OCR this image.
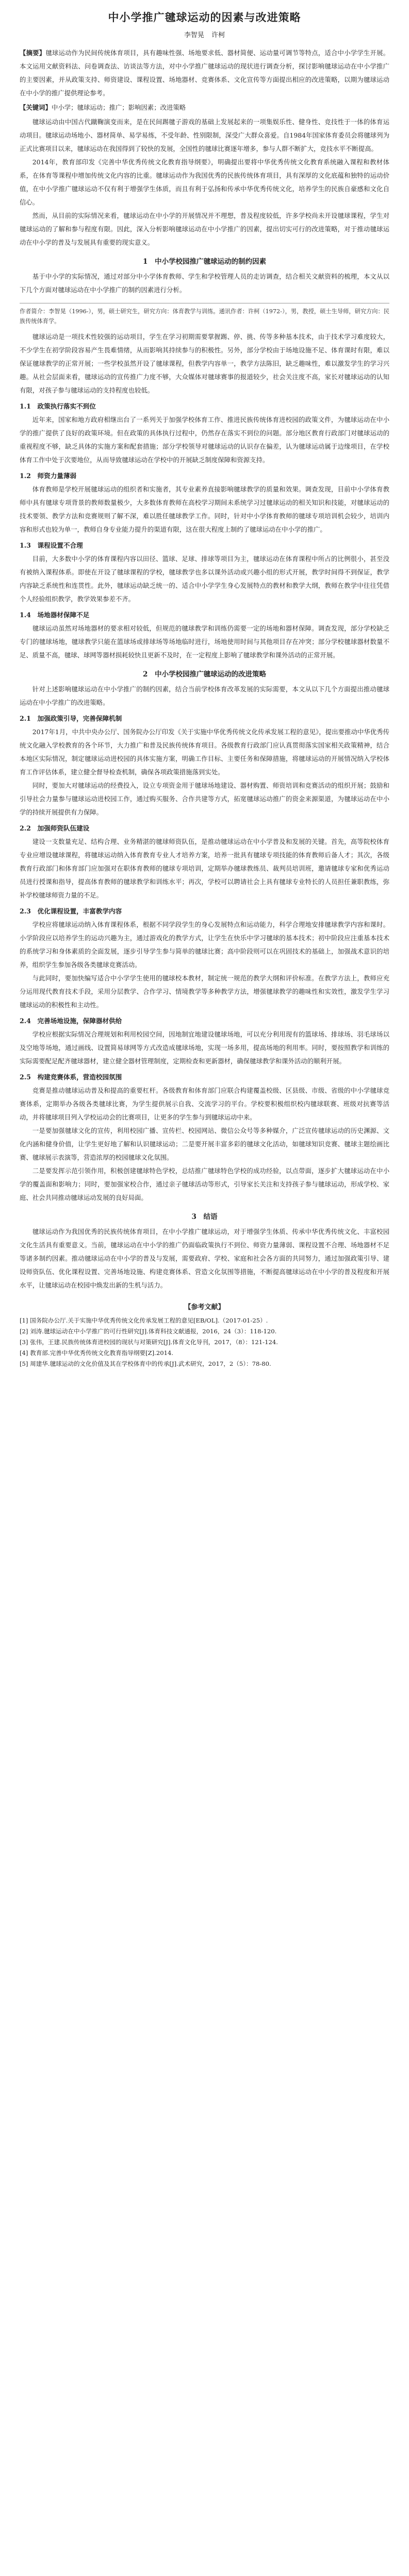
中小学推广毽球运动的因素与改进策略
李智晃 许柯

【摘要】毽球运动作为民间传统体育项目，具有趣味性强、场地要求低、器材简便、运动量可调节等特点，适合中小学学生开展。本文运用文献资料法、问卷调查法、访谈法等方法，对中小学推广毽球运动的现状进行调查分析，探讨影响毽球运动在中小学推广的主要因素，并从政策支持、师资建设、课程设置、场地器材、竞赛体系、文化宣传等方面提出相应的改进策略，以期为毽球运动在中小学的推广提供理论参考。

【关键词】中小学；毽球运动；推广；影响因素；改进策略

毽球运动由中国古代蹴鞠演变而来，是在民间踢毽子游戏的基础上发展起来的一项集娱乐性、健身性、竞技性于一体的体育运动项目。毽球运动场地小、器材简单、易学易练，不受年龄、性别限制，深受广大群众喜爱。自1984年国家体育委员会将毽球列为正式比赛项目以来，毽球运动在我国得到了较快的发展，全国性的毽球比赛逐年增多，参与人群不断扩大，竞技水平不断提高。

2014年，教育部印发《完善中华优秀传统文化教育指导纲要》，明确提出要将中华优秀传统文化教育系统融入课程和教材体系，在体育等课程中增加传统文化内容的比重。毽球运动作为我国优秀的民族传统体育项目，具有深厚的文化底蕴和独特的运动价值，在中小学推广毽球运动不仅有利于增强学生体质，而且有利于弘扬和传承中华优秀传统文化，培养学生的民族自豪感和文化自信心。

然而，从目前的实际情况来看，毽球运动在中小学的开展情况并不理想，普及程度较低，许多学校尚未开设毽球课程，学生对毽球运动的了解和参与程度有限。因此，深入分析影响毽球运动在中小学推广的因素，提出切实可行的改进策略，对于推动毽球运动在中小学的普及与发展具有重要的现实意义。

1　中小学校园推广毽球运动的制约因素

基于中小学的实际情况，通过对部分中小学体育教师、学生和学校管理人员的走访调查，结合相关文献资料的梳理，本文从以下几个方面对毽球运动在中小学推广的制约因素进行分析。

作者简介：李智晃（1996-），男，硕士研究生，研究方向：体育教学与训练。通讯作者：许柯（1972-），男，教授，硕士生导师，研究方向：民族传统体育学。

毽球运动是一项技术性较强的运动项目，学生在学习初期需要掌握踢、停、挑、传等多种基本技术，由于技术学习难度较大，不少学生在初学阶段容易产生畏难情绪，从而影响其持续参与的积极性。另外，部分学校由于场地设施不足、体育课时有限，难以保证毽球教学的正常开展；一些学校虽然开设了毽球课程，但教学内容单一，教学方法陈旧，缺乏趣味性，难以激发学生的学习兴趣。从社会层面来看，毽球运动的宣传推广力度不够，大众媒体对毽球赛事的报道较少，社会关注度不高，家长对毽球运动的认知有限，对孩子参与毽球运动的支持程度也较低。

1.1　政策执行落实不到位

近年来，国家和地方政府相继出台了一系列关于加强学校体育工作、推进民族传统体育进校园的政策文件，为毽球运动在中小学的推广提供了良好的政策环境。但在政策的具体执行过程中，仍然存在落实不到位的问题。部分地区教育行政部门对毽球运动的重视程度不够，缺乏具体的实施方案和配套措施；部分学校领导对毽球运动的认识存在偏差，认为毽球运动属于边缘项目，在学校体育工作中处于次要地位，从而导致毽球运动在学校中的开展缺乏制度保障和资源支持。

1.2　师资力量薄弱

体育教师是学校开展毽球运动的组织者和实施者，其专业素养直接影响毽球教学的质量和效果。调查发现，目前中小学体育教师中具有毽球专项背景的教师数量极少，大多数体育教师在高校学习期间未系统学习过毽球运动的相关知识和技能，对毽球运动的技术要领、教学方法和竞赛规则了解不深，难以胜任毽球教学工作。同时，针对中小学体育教师的毽球专项培训机会较少，培训内容和形式也较为单一，教师自身专业能力提升的渠道有限，这在很大程度上制约了毽球运动在中小学的推广。

1.3　课程设置不合理

目前，大多数中小学的体育课程内容以田径、篮球、足球、排球等项目为主，毽球运动在体育课程中所占的比例很小，甚至没有被纳入课程体系。即使在开设了毽球课程的学校，毽球教学也多以课外活动或兴趣小组的形式开展，教学时间得不到保证，教学内容缺乏系统性和连贯性。此外，毽球运动缺乏统一的、适合中小学学生身心发展特点的教材和教学大纲，教师在教学中往往凭借个人经验组织教学，教学效果参差不齐。

1.4　场地器材保障不足

毽球运动虽然对场地器材的要求相对较低，但规范的毽球教学和训练仍需要一定的场地和器材保障。调查发现，部分学校缺乏专门的毽球场地，毽球教学只能在篮球场或排球场等场地临时进行，场地使用时间与其他项目存在冲突；部分学校毽球器材数量不足、质量不高，毽球、球网等器材损耗较快且更新不及时，在一定程度上影响了毽球教学和课外活动的正常开展。

2　中小学校园推广毽球运动的改进策略

针对上述影响毽球运动在中小学推广的制约因素，结合当前学校体育改革发展的实际需要，本文从以下几个方面提出推动毽球运动在中小学推广的改进策略。

2.1　加强政策引导，完善保障机制

2017年1月，中共中央办公厅、国务院办公厅印发《关于实施中华优秀传统文化传承发展工程的意见》，提出要推动中华优秀传统文化融入学校教育的各个环节，大力推广和普及民族传统体育项目。各级教育行政部门应认真贯彻落实国家相关政策精神，结合本地区实际情况，制定毽球运动进校园的具体实施方案，明确工作目标、主要任务和保障措施，将毽球运动的开展情况纳入学校体育工作评估体系，建立健全督导检查机制，确保各项政策措施落到实处。

同时，要加大对毽球运动的经费投入，设立专项资金用于毽球场地建设、器材购置、师资培训和竞赛活动的组织开展；鼓励和引导社会力量参与毽球运动进校园工作，通过购买服务、合作共建等方式，拓宽毽球运动推广的资金来源渠道，为毽球运动在中小学的持续开展提供有力保障。

2.2　加强师资队伍建设

建设一支数量充足、结构合理、业务精湛的毽球师资队伍，是推动毽球运动在中小学普及和发展的关键。首先，高等院校体育专业应增设毽球课程，将毽球运动纳入体育教育专业人才培养方案，培养一批具有毽球专项技能的体育教师后备人才；其次，各级教育行政部门和体育部门应加强对在职体育教师的毽球专项培训，定期举办毽球教练员、裁判员培训班，邀请毽球专家和优秀运动员进行授课和指导，提高体育教师的毽球教学和训练水平；再次，学校可以聘请社会上具有毽球专业特长的人员担任兼职教练，弥补学校毽球师资力量的不足。

2.3　优化课程设置，丰富教学内容

学校应将毽球运动纳入体育课程体系，根据不同学段学生的身心发展特点和运动能力，科学合理地安排毽球教学内容和课时。小学阶段应以培养学生的运动兴趣为主，通过游戏化的教学方式，让学生在快乐中学习毽球的基本技术；初中阶段应注重基本技术的系统学习和身体素质的全面发展，逐步引导学生参与简单的毽球比赛；高中阶段则可以在巩固技术的基础上，加强战术意识的培养，组织学生参加各级各类毽球竞赛活动。

与此同时，要加快编写适合中小学学生使用的毽球校本教材，制定统一规范的教学大纲和评价标准。在教学方法上，教师应充分运用现代教育技术手段，采用分层教学、合作学习、情境教学等多种教学方法，增强毽球教学的趣味性和实效性，激发学生学习毽球运动的积极性和主动性。

2.4　完善场地设施，保障器材供给

学校应根据实际情况合理规划和利用校园空间，因地制宜地建设毽球场地，可以充分利用现有的篮球场、排球场、羽毛球场以及空地等场地，通过画线、设置简易球网等方式改造成毽球场地，实现一场多用，提高场地的利用率。同时，要按照教学和训练的实际需要配足配齐毽球器材，建立健全器材管理制度，定期检查和更新器材，确保毽球教学和课外活动的顺利开展。

2.5　构建竞赛体系，营造校园氛围

竞赛是推动毽球运动普及和提高的重要杠杆。各级教育和体育部门应联合构建覆盖校级、区县级、市级、省级的中小学毽球竞赛体系，定期举办各级各类毽球比赛，为学生提供展示自我、交流学习的平台。学校要积极组织校内毽球联赛、班级对抗赛等活动，并将毽球项目列入学校运动会的比赛项目，让更多的学生参与到毽球运动中来。

一是要加强毽球文化的宣传，利用校园广播、宣传栏、校园网站、微信公众号等多种媒介，广泛宣传毽球运动的历史渊源、文化内涵和健身价值，让学生更好地了解和认识毽球运动；二是要开展丰富多彩的毽球文化活动，如毽球知识竞赛、毽球主题绘画比赛、毽球展示表演等，营造浓厚的校园毽球文化氛围。

二是要发挥示范引领作用，积极创建毽球特色学校，总结推广毽球特色学校的成功经验，以点带面，逐步扩大毽球运动在中小学的覆盖面和影响力；同时，要加强家校合作，通过亲子毽球活动等形式，引导家长关注和支持孩子参与毽球运动，形成学校、家庭、社会共同推动毽球运动发展的良好局面。

3　结语

毽球运动作为我国优秀的民族传统体育项目，在中小学推广毽球运动，对于增强学生体质、传承中华优秀传统文化、丰富校园文化生活具有重要意义。当前，毽球运动在中小学的推广仍面临政策执行不到位、师资力量薄弱、课程设置不合理、场地器材不足等诸多制约因素。推动毽球运动在中小学的普及与发展，需要政府、学校、家庭和社会各方面的共同努力，通过加强政策引导、建设师资队伍、优化课程设置、完善场地设施、构建竞赛体系、营造文化氛围等措施，不断提高毽球运动在中小学的普及程度和开展水平，让毽球运动在校园中焕发出新的生机与活力。

【参考文献】

[1] 国务院办公厅.关于实施中华优秀传统文化传承发展工程的意见[EB/OL].（2017-01-25）.

[2] 刘涛.毽球运动在中小学推广的可行性研究[J].体育科技文献通报，2016，24（3）：118-120.

[3] 张伟，王建.民族传统体育进校园的现状与对策研究[J].体育文化导刊，2017，（8）：121-124.

[4] 教育部.完善中华优秀传统文化教育指导纲要[Z].2014.

[5] 周建华.毽球运动的文化价值及其在学校体育中的传承[J].武术研究，2017，2（5）：78-80.
